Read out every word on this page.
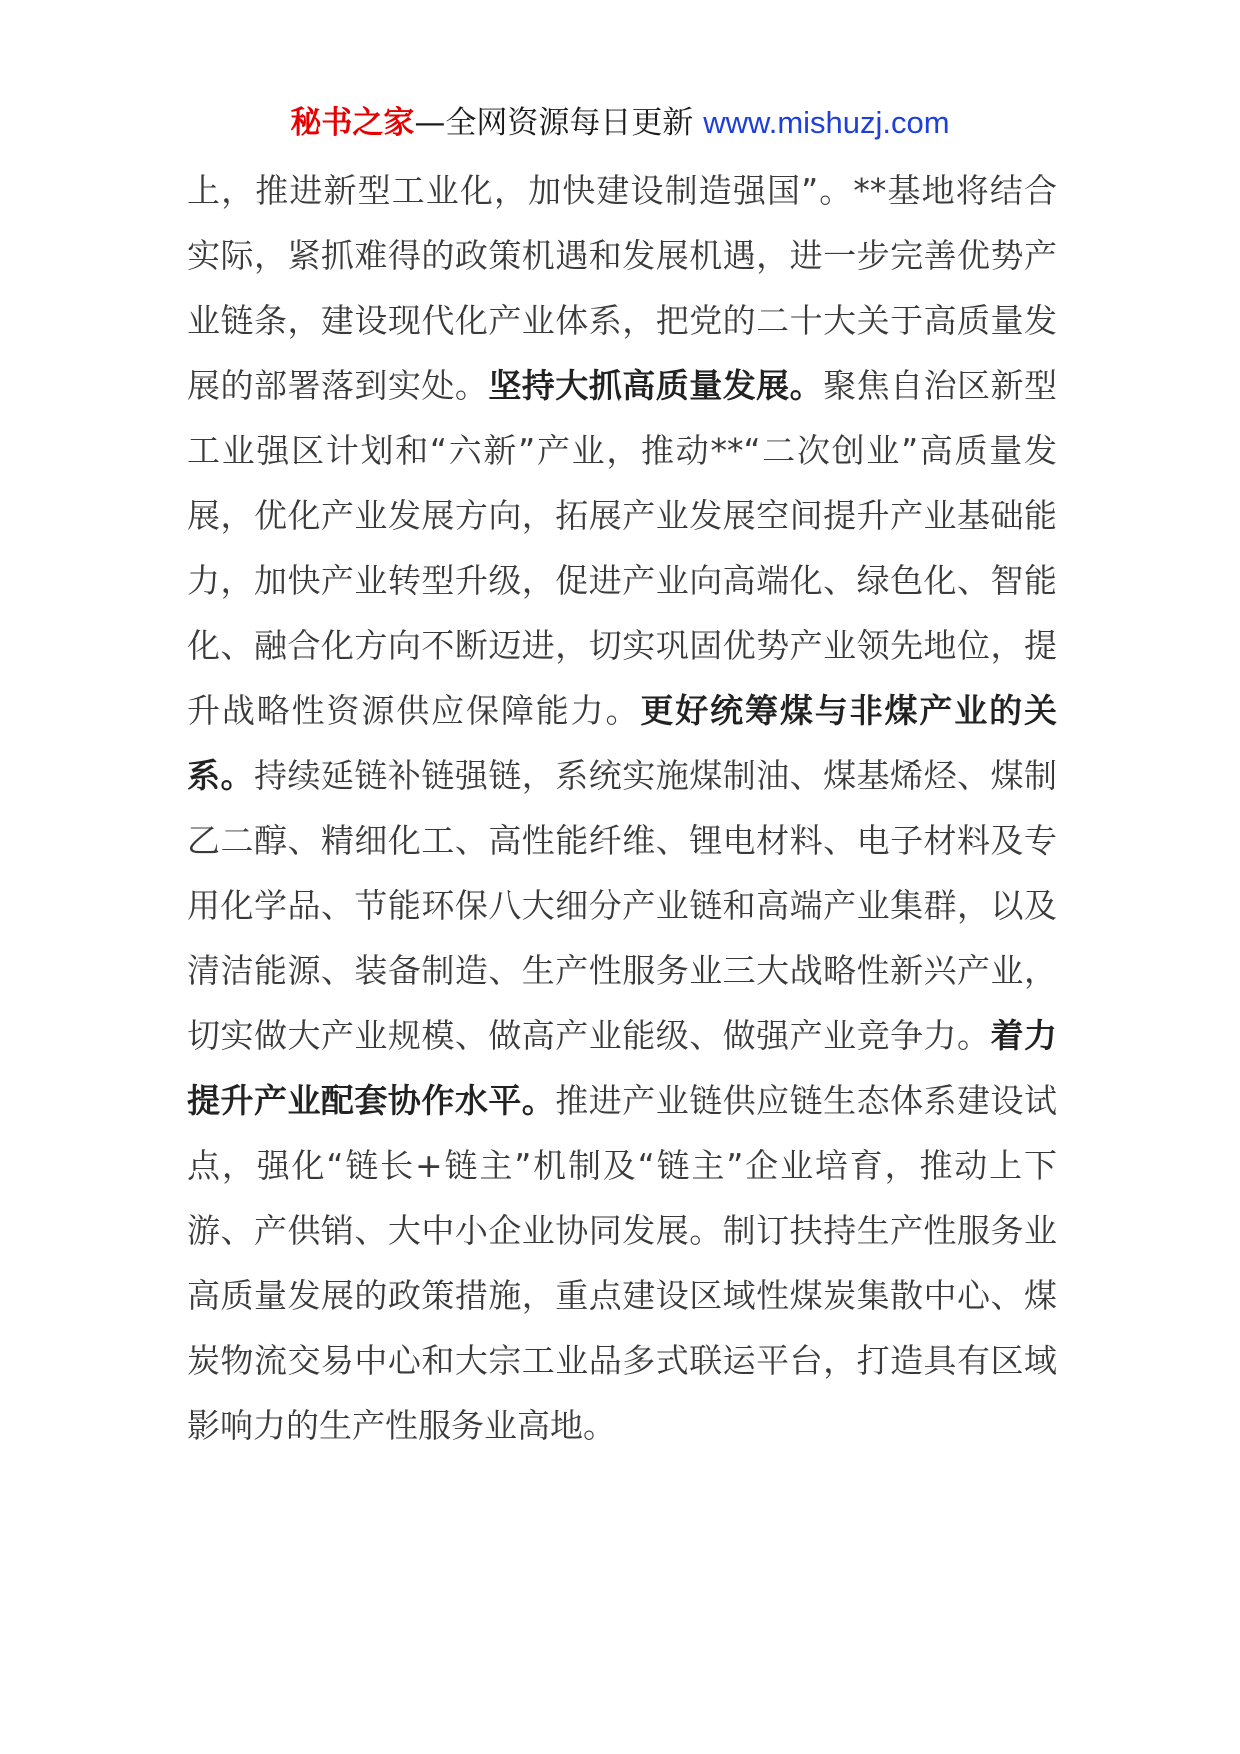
秘书之家—全网资源每日更新 www.mishuzj.com
上，推进新型工业化，加快建设制造强国”。**基地将结合实际，紧抓难得的政策机遇和发展机遇，进一步完善优势产业链条，建设现代化产业体系，把党的二十大关于高质量发展的部署落到实处。坚持大抓高质量发展。聚焦自治区新型工业强区计划和“六新”产业，推动**“二次创业”高质量发展，优化产业发展方向，拓展产业发展空间提升产业基础能力，加快产业转型升级，促进产业向高端化、绿色化、智能化、融合化方向不断迈进，切实巩固优势产业领先地位，提升战略性资源供应保障能力。更好统筹煤与非煤产业的关系。持续延链补链强链，系统实施煤制油、煤基烯烃、煤制乙二醇、精细化工、高性能纤维、锂电材料、电子材料及专用化学品、节能环保八大细分产业链和高端产业集群，以及清洁能源、装备制造、生产性服务业三大战略性新兴产业，切实做大产业规模、做高产业能级、做强产业竞争力。着力提升产业配套协作水平。推进产业链供应链生态体系建设试点，强化“链长+链主”机制及“链主”企业培育，推动上下游、产供销、大中小企业协同发展。制订扶持生产性服务业高质量发展的政策措施，重点建设区域性煤炭集散中心、煤炭物流交易中心和大宗工业品多式联运平台，打造具有区域影响力的生产性服务业高地。
